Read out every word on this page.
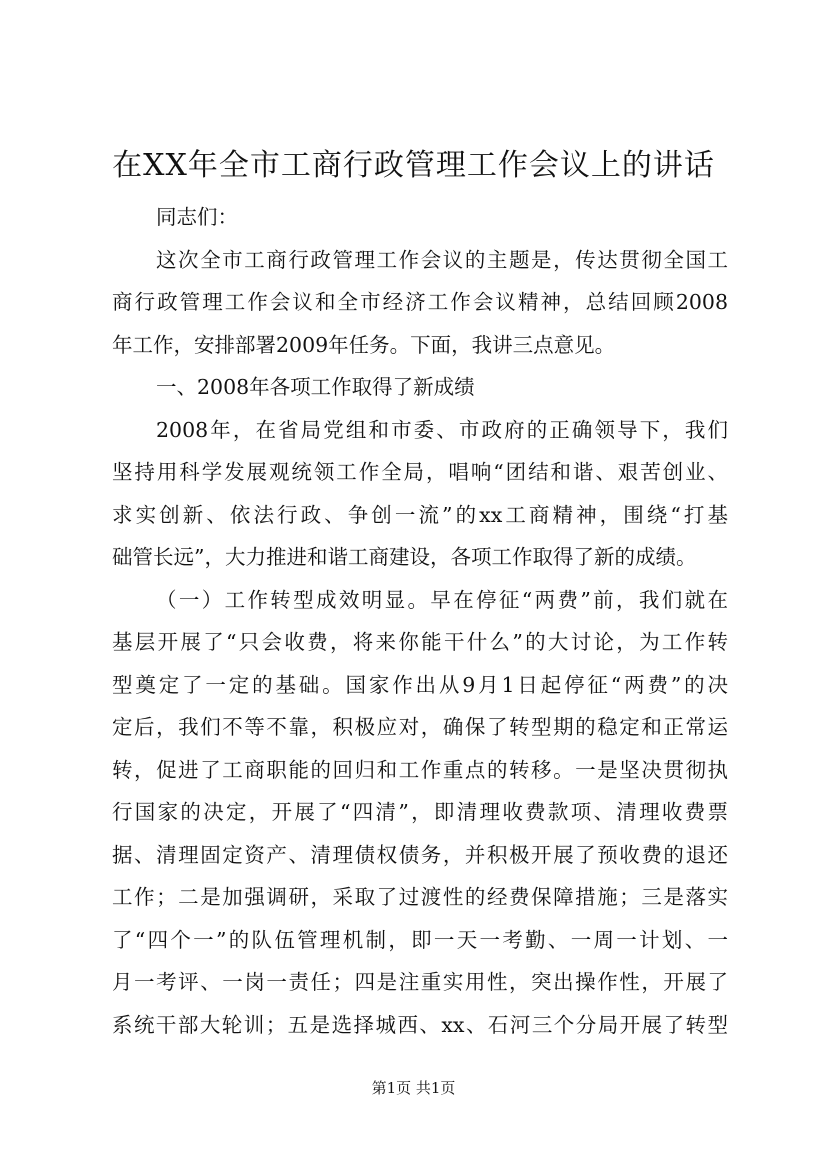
在XX年全市工商行政管理工作会议上的讲话
同志们：
这次全市工商行政管理工作会议的主题是，传达贯彻全国工
商行政管理工作会议和全市经济工作会议精神，总结回顾2008
年工作，安排部署2009年任务。下面，我讲三点意见。
一、2008年各项工作取得了新成绩
2008年，在省局党组和市委、市政府的正确领导下，我们
坚持用科学发展观统领工作全局，唱响“团结和谐、艰苦创业、
求实创新、依法行政、争创一流”的xx工商精神，围绕“打基
础管长远”，大力推进和谐工商建设，各项工作取得了新的成绩。
（一）工作转型成效明显。早在停征“两费”前，我们就在
基层开展了“只会收费，将来你能干什么”的大讨论，为工作转
型奠定了一定的基础。国家作出从9月1日起停征“两费”的决
定后，我们不等不靠，积极应对，确保了转型期的稳定和正常运
转，促进了工商职能的回归和工作重点的转移。一是坚决贯彻执
行国家的决定，开展了“四清”，即清理收费款项、清理收费票
据、清理固定资产、清理债权债务，并积极开展了预收费的退还
工作；二是加强调研，采取了过渡性的经费保障措施；三是落实
了“四个一”的队伍管理机制，即一天一考勤、一周一计划、一
月一考评、一岗一责任；四是注重实用性，突出操作性，开展了
系统干部大轮训；五是选择城西、xx、石河三个分局开展了转型
第1页 共1页
